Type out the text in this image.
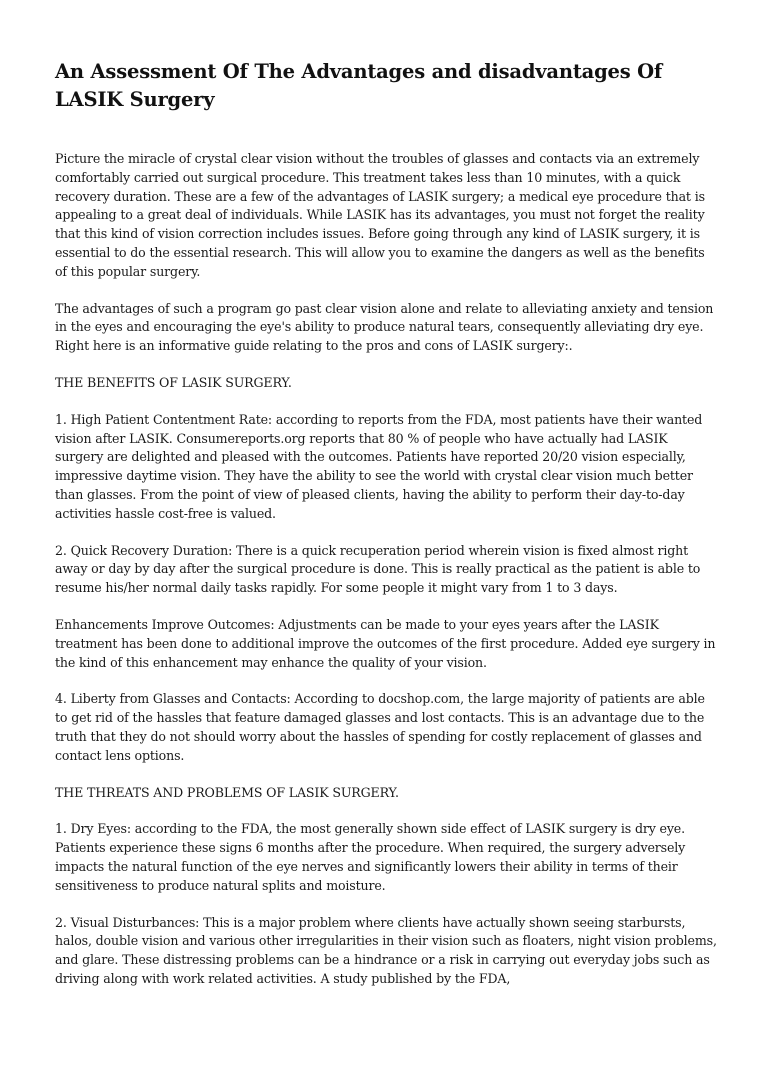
An Assessment Of The Advantages and disadvantages Of LASIK Surgery

Picture the miracle of crystal clear vision without the troubles of glasses and contacts via an extremely comfortably carried out surgical procedure. This treatment takes less than 10 minutes, with a quick recovery duration. These are a few of the advantages of LASIK surgery; a medical eye procedure that is appealing to a great deal of individuals. While LASIK has its advantages, you must not forget the reality that this kind of vision correction includes issues. Before going through any kind of LASIK surgery, it is essential to do the essential research. This will allow you to examine the dangers as well as the benefits of this popular surgery.

The advantages of such a program go past clear vision alone and relate to alleviating anxiety and tension in the eyes and encouraging the eye's ability to produce natural tears, consequently alleviating dry eye. Right here is an informative guide relating to the pros and cons of LASIK surgery:.

THE BENEFITS OF LASIK SURGERY.

1. High Patient Contentment Rate: according to reports from the FDA, most patients have their wanted vision after LASIK. Consumereports.org reports that 80 % of people who have actually had LASIK surgery are delighted and pleased with the outcomes. Patients have reported 20/20 vision especially, impressive daytime vision. They have the ability to see the world with crystal clear vision much better than glasses. From the point of view of pleased clients, having the ability to perform their day-to-day activities hassle cost-free is valued.

2. Quick Recovery Duration: There is a quick recuperation period wherein vision is fixed almost right away or day by day after the surgical procedure is done. This is really practical as the patient is able to resume his/her normal daily tasks rapidly. For some people it might vary from 1 to 3 days.

Enhancements Improve Outcomes: Adjustments can be made to your eyes years after the LASIK treatment has been done to additional improve the outcomes of the first procedure. Added eye surgery in the kind of this enhancement may enhance the quality of your vision.

4. Liberty from Glasses and Contacts: According to docshop.com, the large majority of patients are able to get rid of the hassles that feature damaged glasses and lost contacts. This is an advantage due to the truth that they do not should worry about the hassles of spending for costly replacement of glasses and contact lens options.

THE THREATS AND PROBLEMS OF LASIK SURGERY.

1. Dry Eyes: according to the FDA, the most generally shown side effect of LASIK surgery is dry eye. Patients experience these signs 6 months after the procedure. When required, the surgery adversely impacts the natural function of the eye nerves and significantly lowers their ability in terms of their sensitiveness to produce natural splits and moisture.

2. Visual Disturbances: This is a major problem where clients have actually shown seeing starbursts, halos, double vision and various other irregularities in their vision such as floaters, night vision problems, and glare. These distressing problems can be a hindrance or a risk in carrying out everyday jobs such as driving along with work related activities. A study published by the FDA,
